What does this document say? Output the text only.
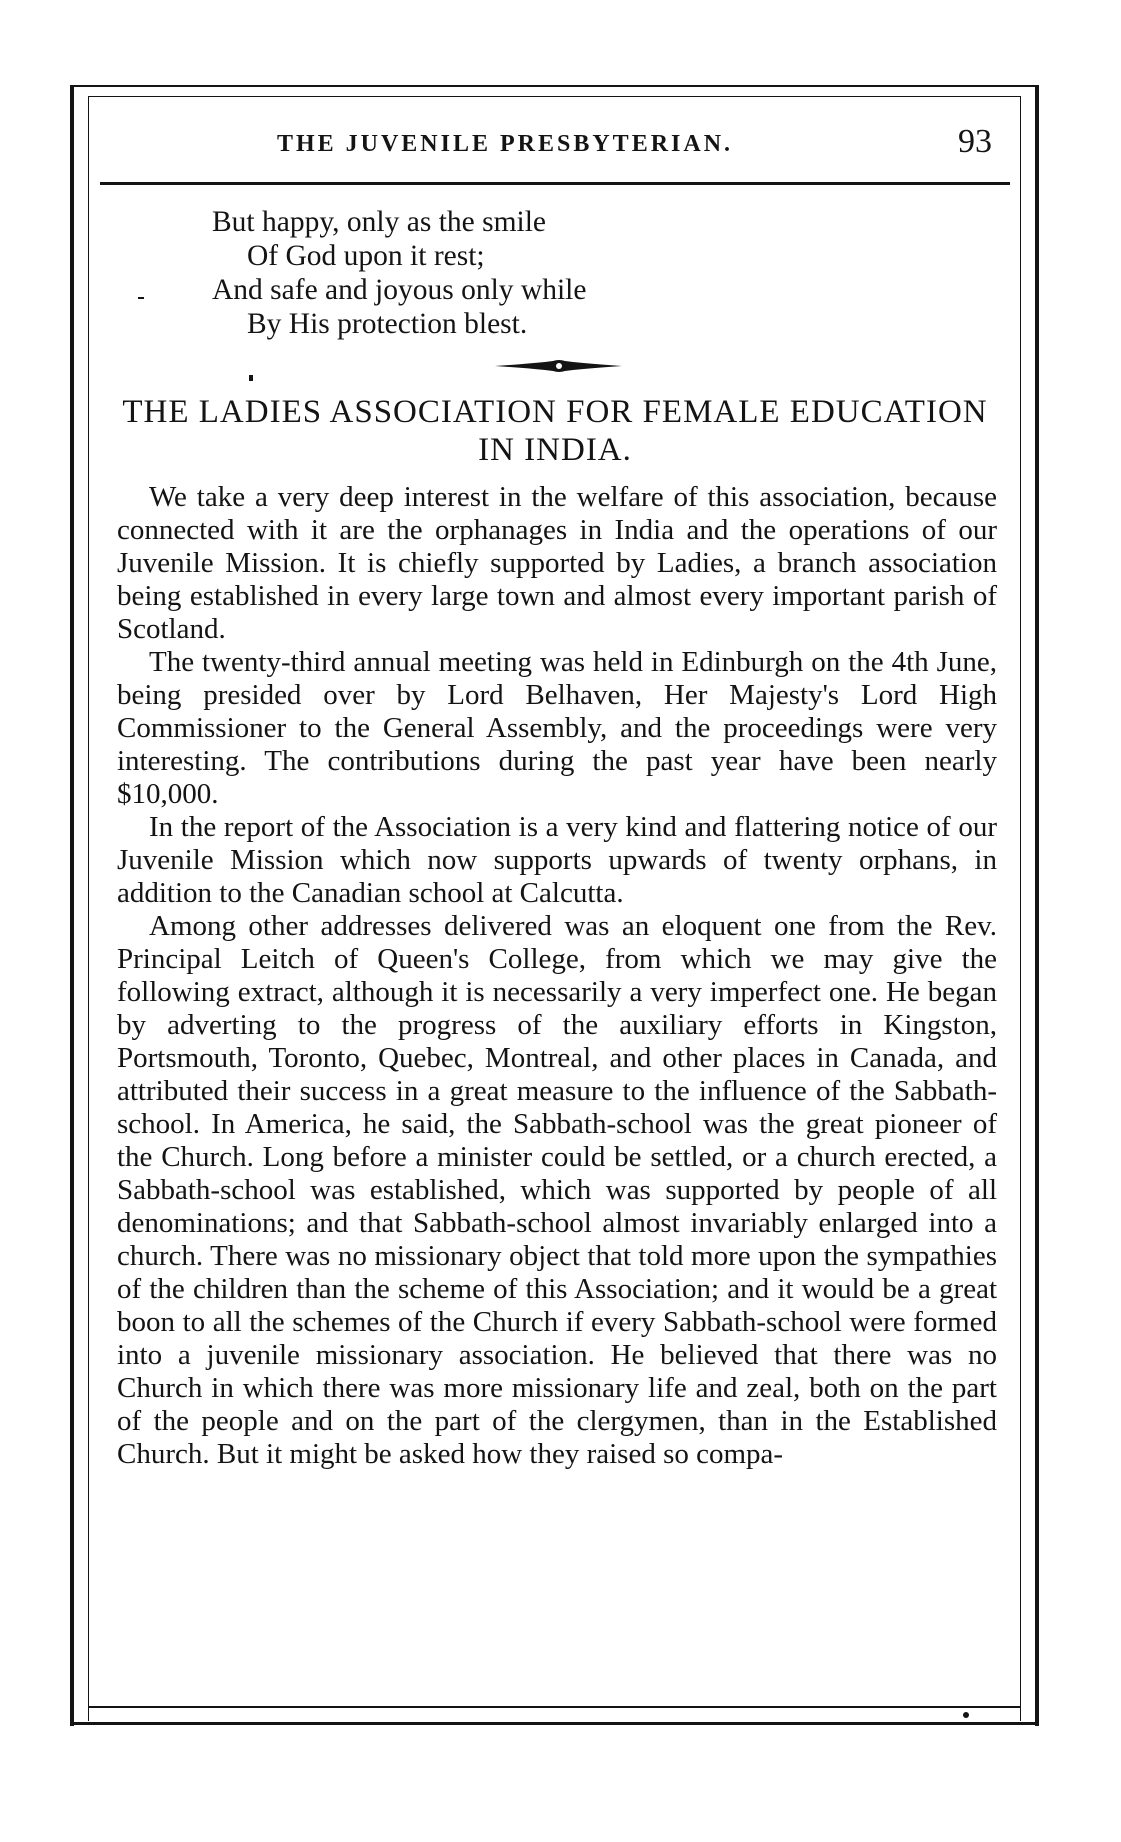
THE JUVENILE PRESBYTERIAN.	93
But happy, only as the smile
Of God upon it rest;
And safe and joyous only while
By His protection blest.
THE LADIES ASSOCIATION FOR FEMALE EDUCATION IN INDIA.

We take a very deep interest in the welfare of this association, because connected with it are the orphanages in India and the operations of our Juvenile Mission. It is chiefly supported by Ladies, a branch association being established in every large town and almost every important parish of Scotland.

The twenty-third annual meeting was held in Edinburgh on the 4th June, being presided over by Lord Belhaven, Her Majesty's Lord High Commissioner to the General Assembly, and the proceedings were very interesting. The contributions during the past year have been nearly $10,000.

In the report of the Association is a very kind and flattering notice of our Juvenile Mission which now supports upwards of twenty orphans, in addition to the Canadian school at Calcutta.

Among other addresses delivered was an eloquent one from the Rev. Principal Leitch of Queen's College, from which we may give the following extract, although it is necessarily a very imperfect one. He began by adverting to the progress of the auxiliary efforts in Kingston, Portsmouth, Toronto, Quebec, Montreal, and other places in Canada, and attributed their success in a great measure to the influence of the Sabbath-school. In America, he said, the Sabbath-school was the great pioneer of the Church. Long before a minister could be settled, or a church erected, a Sabbath-school was established, which was supported by people of all denominations; and that Sabbath-school almost invariably enlarged into a church. There was no missionary object that told more upon the sympathies of the children than the scheme of this Association; and it would be a great boon to all the schemes of the Church if every Sabbath-school were formed into a juvenile missionary association. He believed that there was no Church in which there was more missionary life and zeal, both on the part of the people and on the part of the clergymen, than in the Established Church. But it might be asked how they raised so compa-
